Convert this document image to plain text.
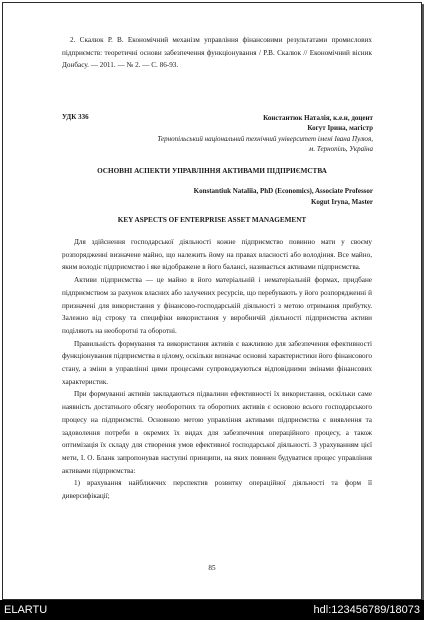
2. Скалюк Р. В. Економічний механізм управління фінансовими результатами промислових підприємств: теоретичні основи забезпечення функціонування / Р.В. Скалюк // Економічний вісник Донбасу. — 2011. — № 2. — С. 86-93.

УДК 336	Константюк Наталія, к.е.н, доцент
Когут Ірина, магістр
Тернопільський національний технічний університет імені Івана Пулюя,
м. Тернопіль, Україна
ОСНОВНІ АСПЕКТИ УПРАВЛІННЯ АКТИВАМИ ПІДПРИЄМСТВА
Konstantiuk Nataliia, PhD (Economics), Associate Professor
Kogut Iryna, Master
KEY ASPECTS OF ENTERPRISE ASSET MANAGEMENT

Для здійснення господарської діяльності кожне підприємство повинно мати у своєму розпорядженні визначене майно, що належить йому на правах власності або володіння. Все майно, яким володіє підприємство і яке відображене в його балансі, називається активами підприємства.

Активи підприємства — це майно в його матеріальній і нематеріальній формах, придбане підприємством за рахунок власних або залучених ресурсів, що перебувають у його розпорядженні й призначені для використання у фінансово-господарській діяльності з метою отримання прибутку. Залежно від строку та специфіки використання у виробничій діяльності підприємства активи поділяють на необоротні та оборотні.

Правильність формування та використання активів є важливою для забезпечення ефективності функціонування підприємства в цілому, оскільки визначає основні характеристики його фінансового стану, а зміни в управлінні цими процесами супроводжуються відповідними змінами фінансових характеристик.

При формуванні активів закладаються підвалини ефективності їх використання, оскільки саме наявність достатнього обсягу необоротних та оборотних активів є основою всього господарського процесу на підприємстві. Основною метою управління активами підприємства є виявлення та задоволення потреби в окремих їх видах для забезпечення операційного процесу, а також оптимізація їх складу для створення умов ефективної господарської діяльності. З урахуванням цієї мети, І. О. Бланк запропонував наступні принципи, на яких повинен будуватися процес управління активами підприємства:

1) врахування найближчих перспектив розвитку операційної діяльності та форм її диверсифікації;

85
ELARTU	hdl:123456789/18073
